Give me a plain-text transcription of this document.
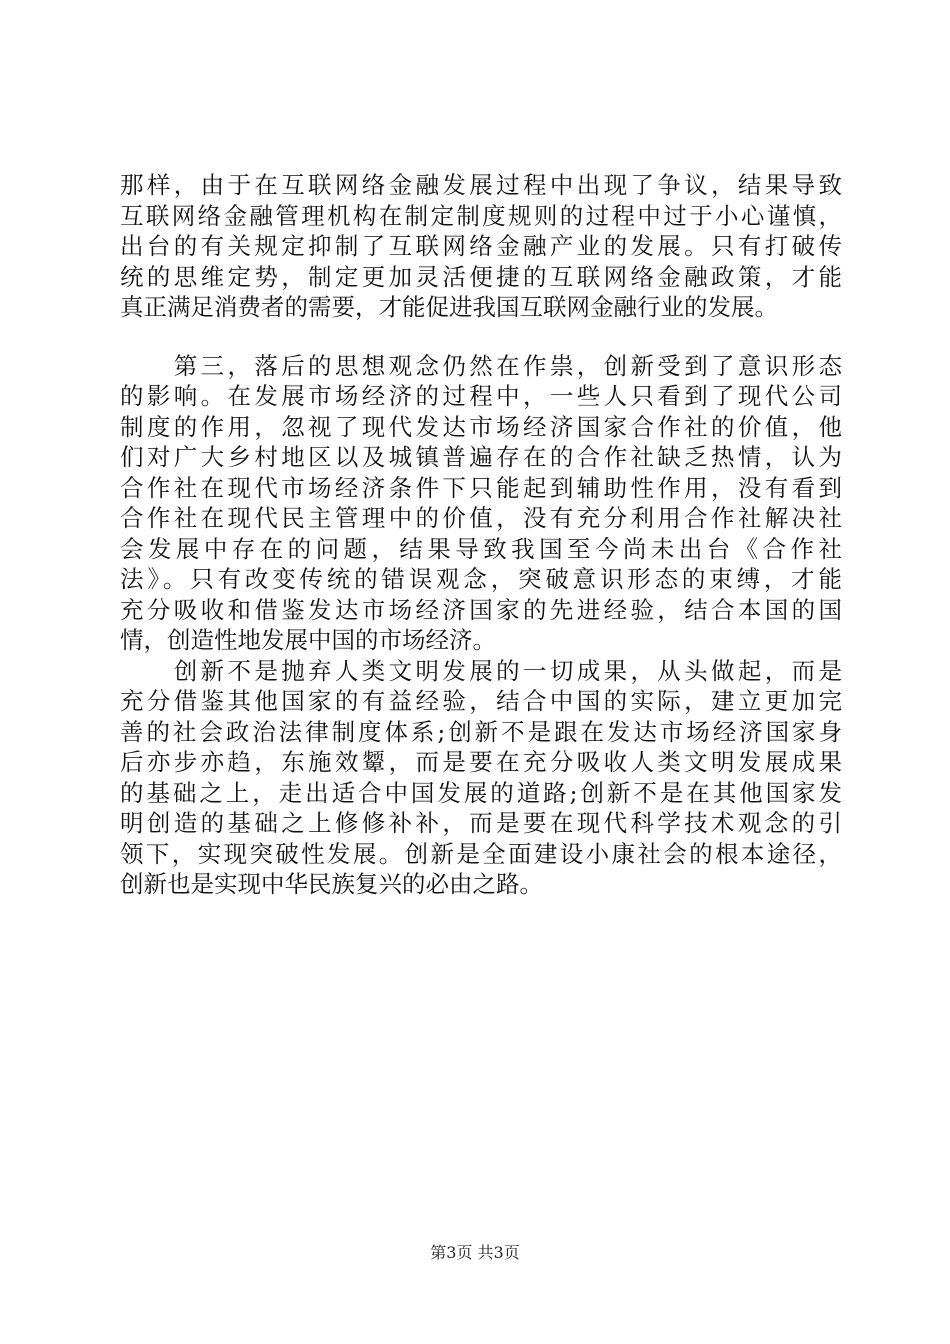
那样，由于在互联网络金融发展过程中出现了争议，结果导致
互联网络金融管理机构在制定制度规则的过程中过于小心谨慎，
出台的有关规定抑制了互联网络金融产业的发展。只有打破传
统的思维定势，制定更加灵活便捷的互联网络金融政策，才能
真正满足消费者的需要，才能促进我国互联网金融行业的发展。
　　第三，落后的思想观念仍然在作祟，创新受到了意识形态
的影响。在发展市场经济的过程中，一些人只看到了现代公司
制度的作用，忽视了现代发达市场经济国家合作社的价值，他
们对广大乡村地区以及城镇普遍存在的合作社缺乏热情，认为
合作社在现代市场经济条件下只能起到辅助性作用，没有看到
合作社在现代民主管理中的价值，没有充分利用合作社解决社
会发展中存在的问题，结果导致我国至今尚未出台《合作社
法》。只有改变传统的错误观念，突破意识形态的束缚，才能
充分吸收和借鉴发达市场经济国家的先进经验，结合本国的国
情，创造性地发展中国的市场经济。
　　创新不是抛弃人类文明发展的一切成果，从头做起，而是
充分借鉴其他国家的有益经验，结合中国的实际，建立更加完
善的社会政治法律制度体系;创新不是跟在发达市场经济国家身
后亦步亦趋，东施效颦，而是要在充分吸收人类文明发展成果
的基础之上，走出适合中国发展的道路;创新不是在其他国家发
明创造的基础之上修修补补，而是要在现代科学技术观念的引
领下，实现突破性发展。创新是全面建设小康社会的根本途径，
创新也是实现中华民族复兴的必由之路。
第3页 共3页
